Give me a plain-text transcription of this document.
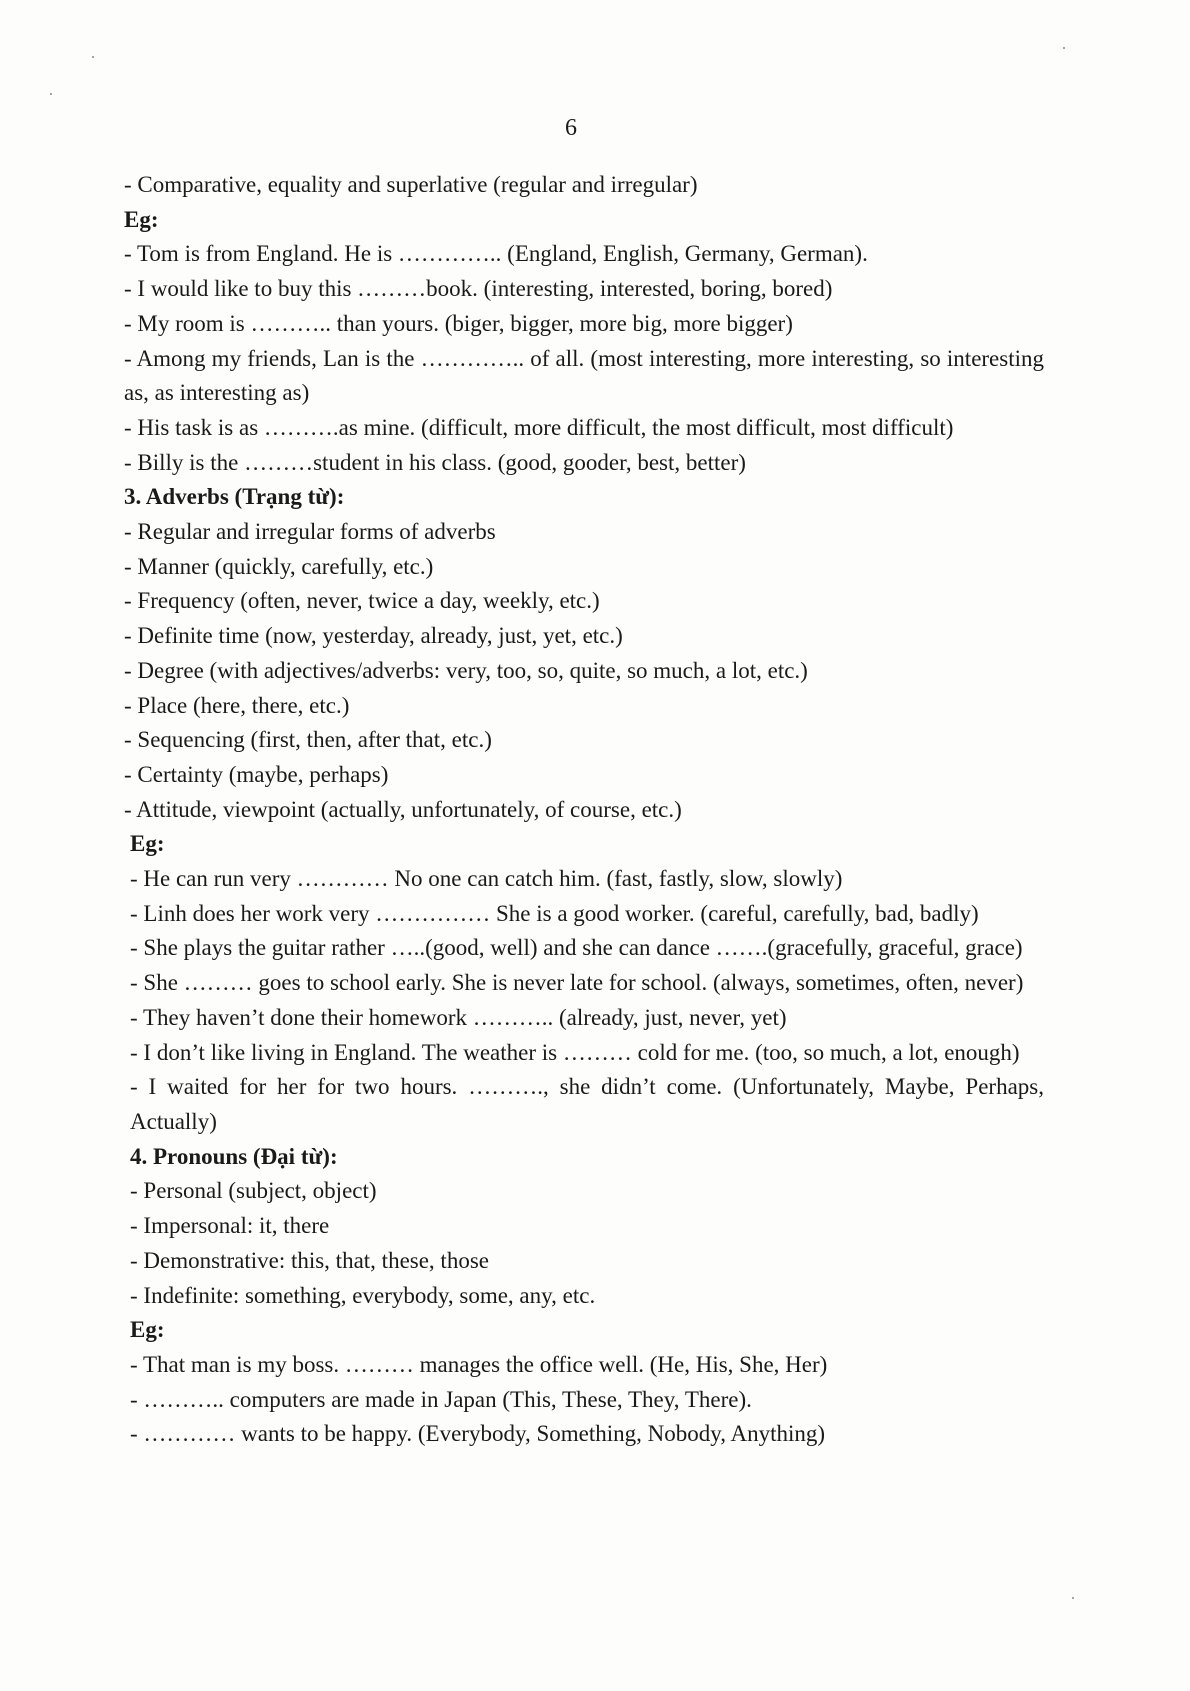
6
- Comparative, equality and superlative (regular and irregular)
Eg:
- Tom is from England. He is ………….. (England, English, Germany, German).
- I would like to buy this ………book. (interesting, interested, boring, bored)
- My room is ……….. than yours. (biger, bigger, more big, more bigger)
- Among my friends, Lan is the ………….. of all. (most interesting, more interesting, so interesting as, as interesting as)
- His task is as ……….as mine. (difficult, more difficult, the most difficult, most difficult)
- Billy is the ………student in his class. (good, gooder, best, better)
3. Adverbs (Trạng từ):
- Regular and irregular forms of adverbs
- Manner (quickly, carefully, etc.)
- Frequency (often, never, twice a day, weekly, etc.)
- Definite time (now, yesterday, already, just, yet, etc.)
- Degree (with adjectives/adverbs: very, too, so, quite, so much, a lot, etc.)
- Place (here, there, etc.)
- Sequencing (first, then, after that, etc.)
- Certainty (maybe, perhaps)
- Attitude, viewpoint (actually, unfortunately, of course, etc.)
Eg:
- He can run very ………… No one can catch him. (fast, fastly, slow, slowly)
- Linh does her work very …………… She is a good worker. (careful, carefully, bad, badly)
- She plays the guitar rather …..(good, well) and she can dance …….(gracefully, graceful, grace)
- She ……… goes to school early. She is never late for school. (always, sometimes, often, never)
- They haven’t done their homework ……….. (already, just, never, yet)
- I don’t like living in England. The weather is ……… cold for me. (too, so much, a lot, enough)
- I waited for her for two hours. ………., she didn’t come. (Unfortunately, Maybe, Perhaps, Actually)
4. Pronouns (Đại từ):
- Personal (subject, object)
- Impersonal: it, there
- Demonstrative: this, that, these, those
- Indefinite: something, everybody, some, any, etc.
Eg:
- That man is my boss. ……… manages the office well. (He, His, She, Her)
- ……….. computers are made in Japan (This, These, They, There).
- ………… wants to be happy. (Everybody, Something, Nobody, Anything)
